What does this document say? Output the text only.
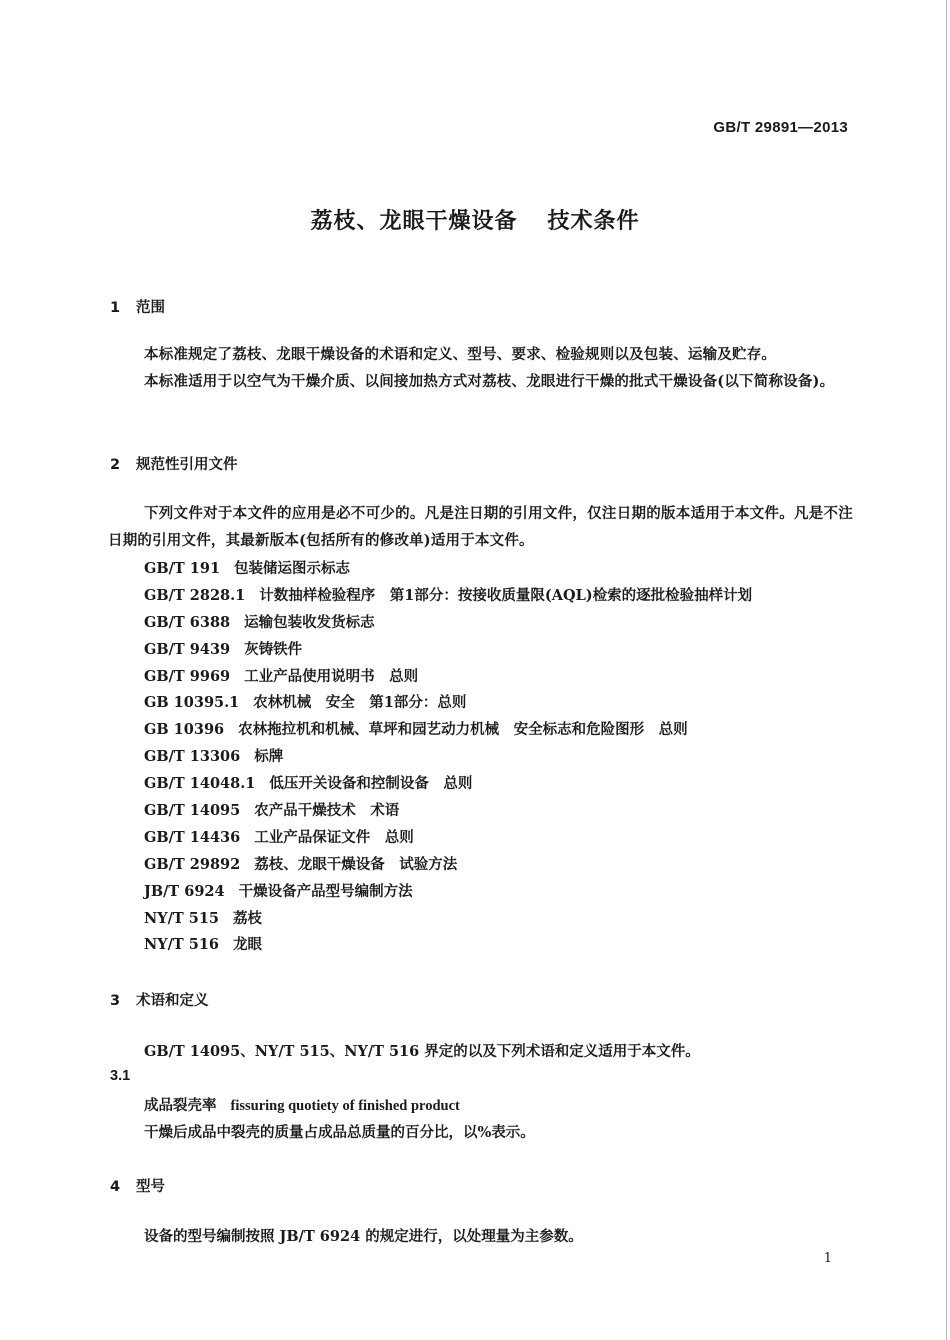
GB/T 29891—2013
荔枝、龙眼干燥设备 技术条件
1 范围
本标准规定了荔枝、龙眼干燥设备的术语和定义、型号、要求、检验规则以及包装、运输及贮存。
本标准适用于以空气为干燥介质、以间接加热方式对荔枝、龙眼进行干燥的批式干燥设备(以下简称设备)。
2 规范性引用文件
下列文件对于本文件的应用是必不可少的。凡是注日期的引用文件，仅注日期的版本适用于本文件。凡是不注日期的引用文件，其最新版本(包括所有的修改单)适用于本文件。
GB/T 191 包装储运图示标志
GB/T 2828.1 计数抽样检验程序　第1部分：按接收质量限(AQL)检索的逐批检验抽样计划
GB/T 6388 运输包装收发货标志
GB/T 9439 灰铸铁件
GB/T 9969 工业产品使用说明书　总则
GB 10395.1 农林机械　安全　第1部分：总则
GB 10396 农林拖拉机和机械、草坪和园艺动力机械　安全标志和危险图形　总则
GB/T 13306 标牌
GB/T 14048.1 低压开关设备和控制设备　总则
GB/T 14095 农产品干燥技术　术语
GB/T 14436 工业产品保证文件　总则
GB/T 29892 荔枝、龙眼干燥设备　试验方法
JB/T 6924 干燥设备产品型号编制方法
NY/T 515 荔枝
NY/T 516 龙眼
3 术语和定义
GB/T 14095、NY/T 515、NY/T 516 界定的以及下列术语和定义适用于本文件。
3.1
成品裂壳率 fissuring quotiety of finished product
干燥后成品中裂壳的质量占成品总质量的百分比，以%表示。
4 型号
设备的型号编制按照 JB/T 6924 的规定进行，以处理量为主参数。
1
